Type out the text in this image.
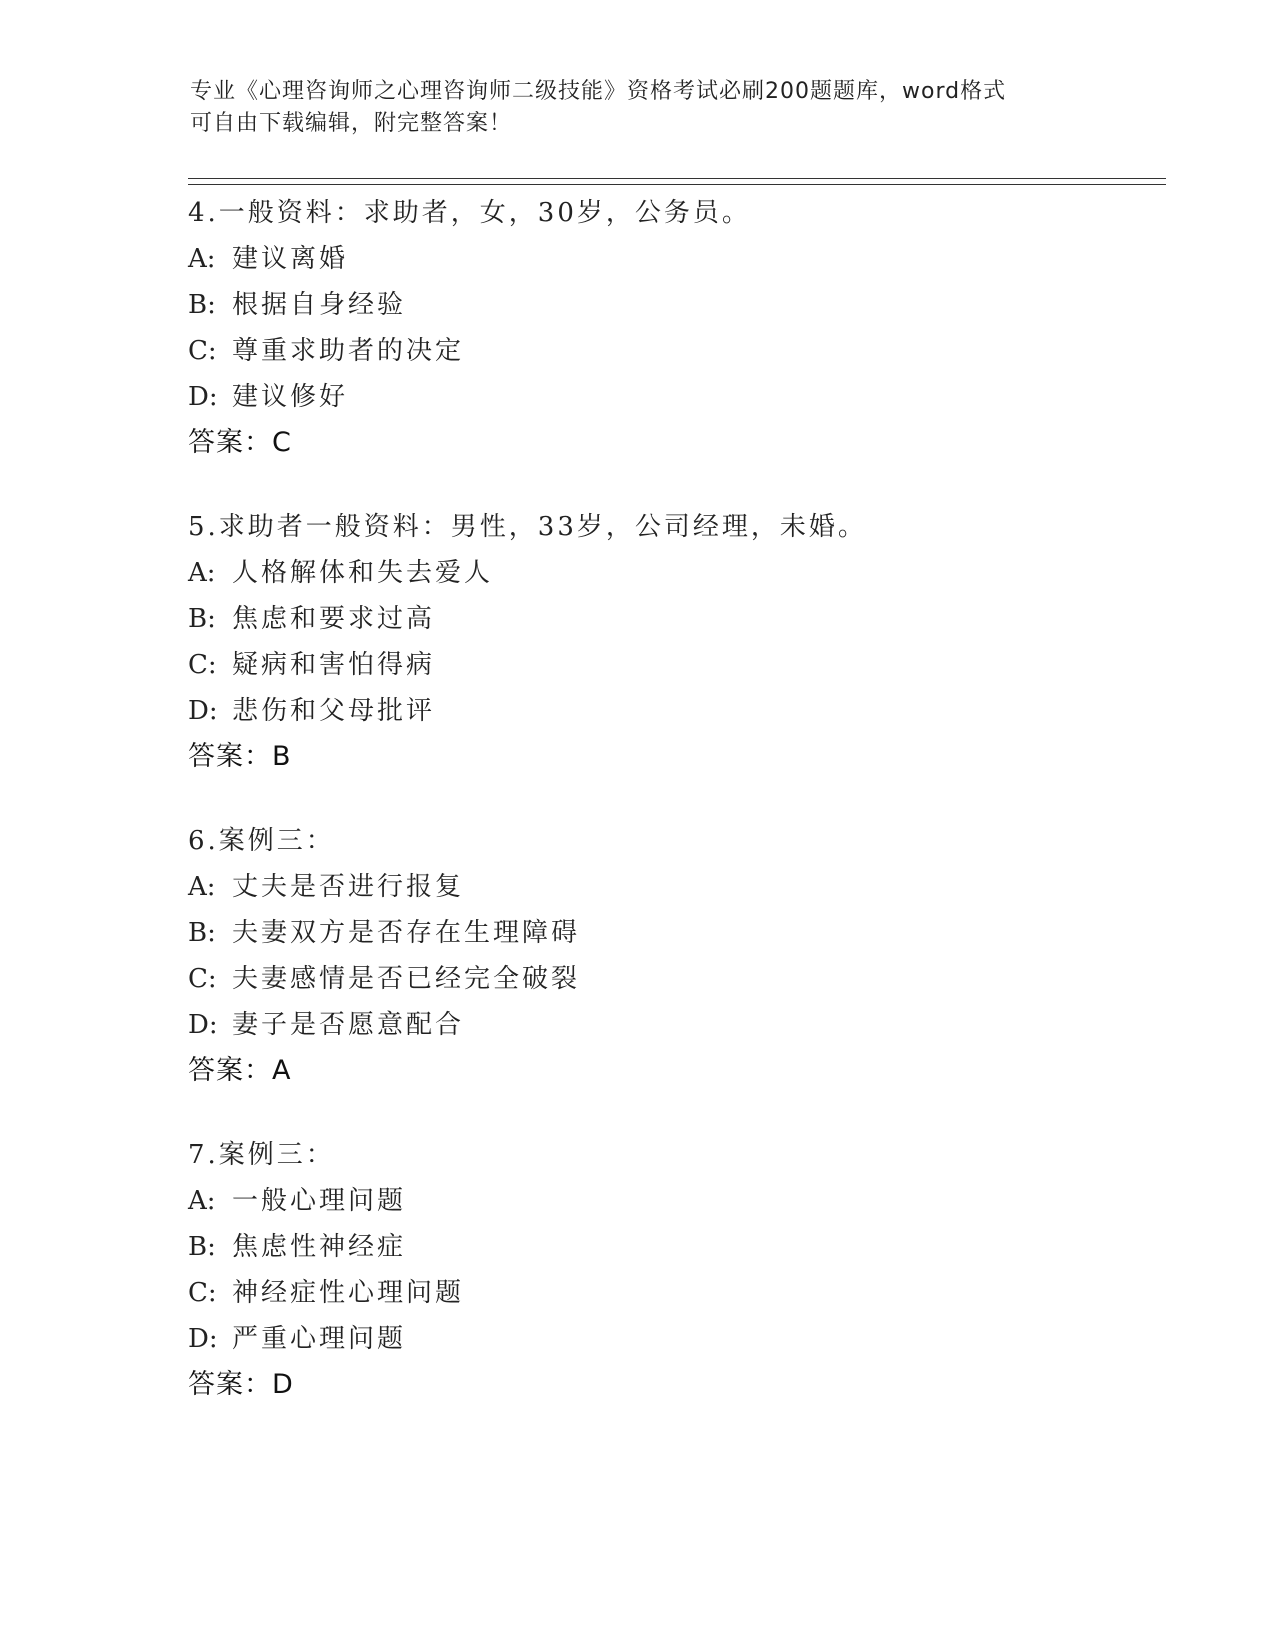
专业《心理咨询师之心理咨询师二级技能》资格考试必刷200题题库，word格式
可自由下载编辑，附完整答案！
4.一般资料：求助者，女，30岁，公务员。
A: 建议离婚
B: 根据自身经验
C: 尊重求助者的决定
D: 建议修好
答案：C
5.求助者一般资料：男性，33岁，公司经理，未婚。
A: 人格解体和失去爱人
B: 焦虑和要求过高
C: 疑病和害怕得病
D: 悲伤和父母批评
答案：B
6.案例三：
A: 丈夫是否进行报复
B: 夫妻双方是否存在生理障碍
C: 夫妻感情是否已经完全破裂
D: 妻子是否愿意配合
答案：A
7.案例三：
A: 一般心理问题
B: 焦虑性神经症
C: 神经症性心理问题
D: 严重心理问题
答案：D
